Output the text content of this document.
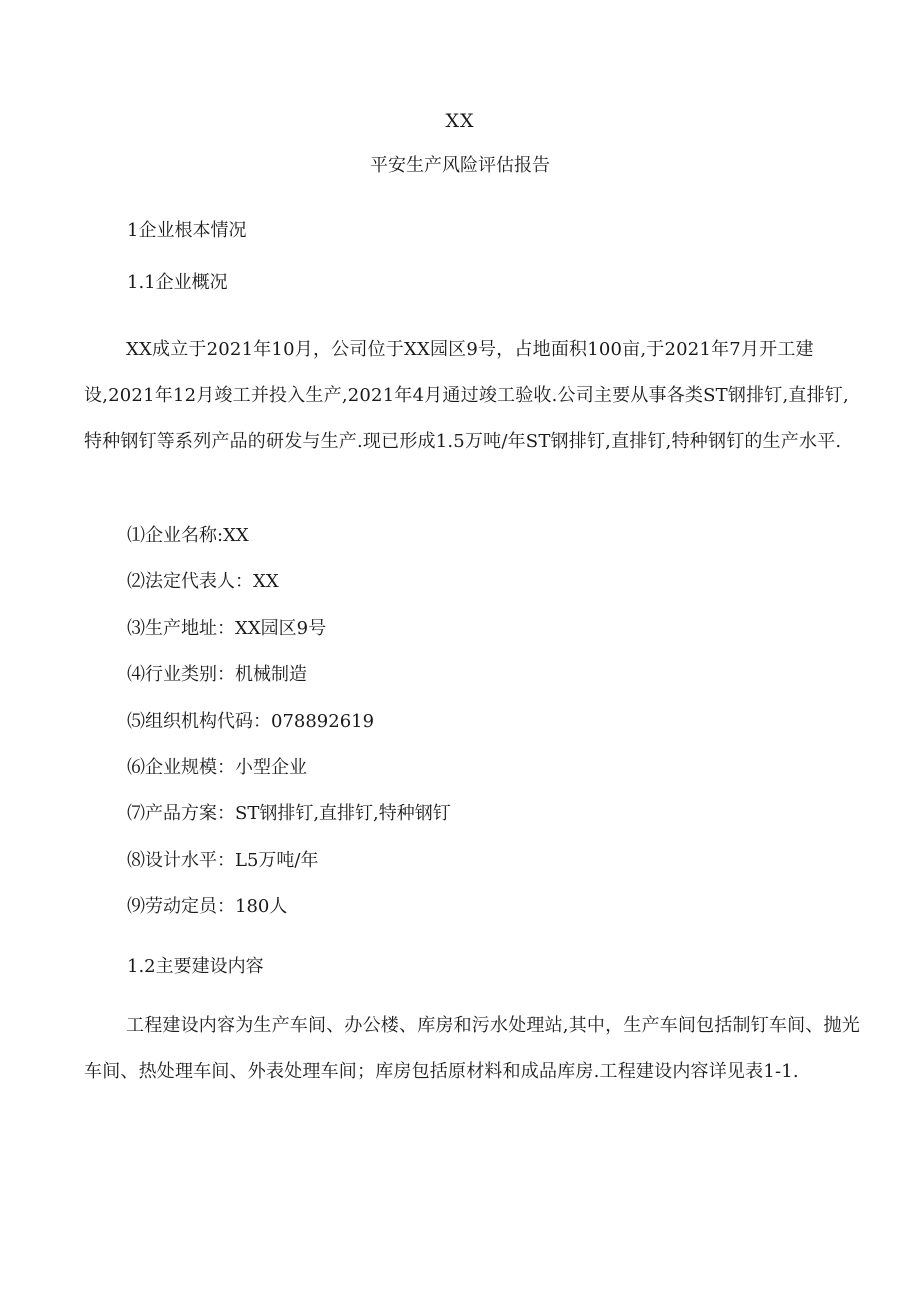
XX
平安生产风险评估报告
1企业根本情况
1.1企业概况
XX成立于2021年10月，公司位于XX园区9号，占地面积100亩,于2021年7月开工建设,2021年12月竣工并投入生产,2021年4月通过竣工验收.公司主要从事各类ST钢排钉,直排钉,特种钢钉等系列产品的研发与生产.现已形成1.5万吨/年ST钢排钉,直排钉,特种钢钉的生产水平.
⑴企业名称:XX
⑵法定代表人：XX
⑶生产地址：XX园区9号
⑷行业类别：机械制造
⑸组织机构代码：078892619
⑹企业规模：小型企业
⑺产品方案：ST钢排钉,直排钉,特种钢钉
⑻设计水平：L5万吨/年
⑼劳动定员：180人
1.2主要建设内容
工程建设内容为生产车间、办公楼、库房和污水处理站,其中，生产车间包括制钉车间、抛光车间、热处理车间、外表处理车间；库房包括原材料和成品库房.工程建设内容详见表1-1.
